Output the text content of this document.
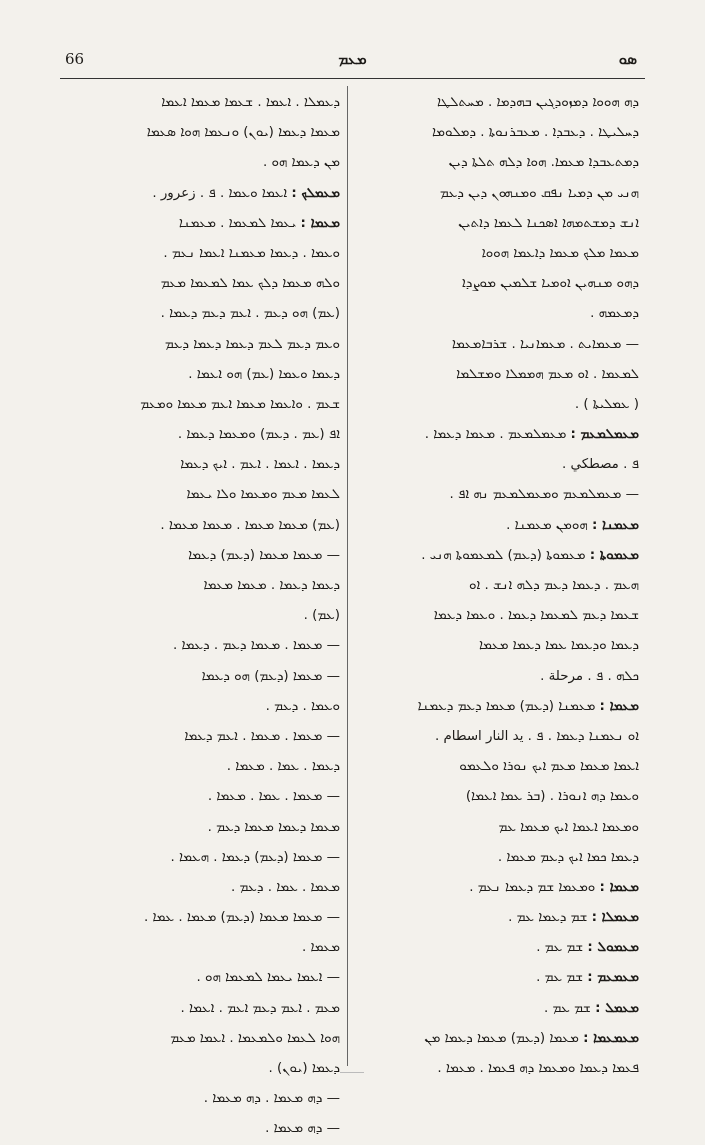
66	ܡܥܡ	ܣܘ
ܕܗ ܗܘܘܐ ܕܡܙܘܕܓܝܢ ܒܗܕܡܐ . ܡܚܬܠܛܐ
ܕܚܠܝܛܐ . ܕܥܒܕܐ . ܡܥܒܪܢܘܬܐ . ܕܡܠܘܡܐ
ܕܡܬܥܒܕܐ ܡܥܡܐ. ܗܘܐ ܕܠܗ ܬܠܬܐ ܕܝܢ
ܗܢܝ ܡܢ ܕܡܝܐ ܢܦܩ ܘܡܢܗܘܢ ܕܝܢ ܕܥܡ
ܐܢܫ ܕܡܫܬܡܗܐ ܐܣܟܢܐ ܠܥܡܐ ܕܐܬܝܢ
ܡܥܡܐ ܡܠܟ ܡܥܡܐ ܕܐܥܡܐ ܗܘܘܐ
ܕܗܘ ܡܢܗܝܢ ܐܘܡܝܐ ܫܠܡܝܢ ܡܘܨܕܐ
ܕܡܥܡܗ .
— ܡܥܡܐܝܬ . ܡܥܡܐܢܝܐ . ܫܪܒܐܡܥܡܐ
ܠܡܥܡܐ . ܐܘ ܡܥܡ ܗܡܡܠܐ ܘܡܫܠܡܐ
( ܥܡܠܝܬܐ ) .
ܡܥܡܠܡܥܡ : ܡܥܡܠܡܥܡ . ܡܥܡܐ ܕܥܡܐ .
ܦ . مصطكي .
— ܡܥܡܠܡܥܡ ܘܡܥܡܠܡܥܡ ܢܗ ܐܦ .
ܡܥܡܢܐ : ܗܘܡܢ ܡܥܡܢܐ .
ܡܥܡܘܬܐ : ܡܥܡܘܬܐ (ܕܥܡ) ܠܡܥܡܘܬܐ ܗܢܝ .
ܗܥܡ . ܕܥܡܐ ܕܥܡ ܕܠܗ ܐܢܫ . ܐܘ
ܫܥܡܐ ܕܥܡ ܠܡܥܡܐ ܕܥܡܐ . ܘܥܡܐ ܕܥܡܐ
ܕܥܡܐ ܘܕܥܡܐ ܥܡܐ ܕܥܡܐ ܡܥܡܐ
ܟܠܗ . ܦ . مرحلة .
ܡܥܡܐ : ܡܥܡܢܐ (ܕܥܡ) ܡܥܡܐ ܕܥܡ ܕܥܡܢܐ
ܐܘ ܢܥܡܢܐ ܕܥܡܐ . ܦ . يد النار اسطام .
ܐܥܡܐ ܡܥܡܐ ܡܥܡ ܐܝܟ ܢܘܪܐ ܘܠܥܡܘ
ܘܥܡܐ ܕܗ ܐܢܘܪܐ . (ܒܪ ܥܡܐ ܐܥܡܐ)
ܘܡܥܡܐ ܐܥܡܐ ܐܝܟ ܡܥܡܐ ܥܡ
ܕܥܡܐ ܟܡܐ ܐܝܟ ܕܥܡ ܡܥܡܐ .
ܡܥܡܐ : ܘܡܥܡܐ ܫܡ ܕܥܡܐ ܢܥܡ .
ܡܥܡܠܐ : ܫܡ ܕܥܡܐ ܥܡ .
ܡܥܡܘܠ : ܫܡ ܥܡ .
ܡܥܡܥܡ : ܫܡ ܥܡ .
ܡܥܡܠ : ܫܡ ܥܡ .
ܡܥܡܥܡܐ : ܡܥܡܐ (ܕܥܡ) ܡܥܡܐ ܕܥܡܐ ܡܢ
ܦܥܡܐ ܕܥܡܐ ܘܡܥܡܐ ܕܗ ܦܥܡܐ . ܡܥܡܐ .
ܕܥܡܠܐ . ܐܥܡܐ . ܫܥܡܐ ܡܥܡܐ ܐܥܡܐ
ܡܥܡܐ ܕܥܡܐ (ܝܘܢ) ܘܢܥܡܐ ܗܘܐ ܣܥܡܐ
ܡܢ ܕܥܡܐ ܗܘ .
ܡܥܡܠܟ : ܐܥܡܐ ܘܥܡܐ . ܦ . زعرور .
ܡܥܡܐ : ܝܥܡܐ ܠܡܥܡܐ . ܡܥܡܢܐ
ܘܥܡܐ . ܕܥܡܐ ܡܥܡܢܐ ܐܥܡܐ ܢܥܡ .
ܘܠܗ ܡܥܡܐ ܕܠܟ ܥܡܐ ܠܡܥܡܐ ܡܥܡ
(ܥܡ) ܗܘ ܕܥܡ . ܐܥܡ ܕܥܡ ܕܥܡܐ .
ܘܥܡ ܕܥܡ ܠܥܡ ܕܥܡܐ ܕܥܡܐ ܕܥܡ
ܕܥܡܐ ܘܥܡܐ (ܥܡ) ܗܘ ܐܥܡܐ .
ܫܥܡ . ܘܐܥܡܐ ܡܥܡܐ ܐܥܡ ܡܥܡܐ ܘܡܥܡ
ܐܦ (ܥܡ . ܕܥܡ) ܘܡܥܡܐ ܕܥܡܐ .
ܕܥܡܐ . ܐܥܡܐ . ܐܥܡ . ܐܝܟ ܕܥܡܐ
ܠܥܡܐ ܡܥܡ ܘܡܥܡܐ ܘܠܐ ܝܥܡܐ
(ܥܡ) ܡܥܡܐ ܡܥܡܐ . ܡܥܡܐ ܡܥܡܐ .
— ܡܥܡܐ ܡܥܡܐ (ܕܥܡ) ܕܥܡܐ
ܕܥܡܐ ܕܥܡܐ . ܡܥܡܐ ܡܥܡܐ
(ܥܡ) .
— ܡܥܡܐ . ܡܥܡܐ ܕܥܡ . ܕܥܡܐ .
— ܡܥܡܐ (ܕܥܡ) ܗܘ ܕܥܡܐ
ܘܥܡܐ . ܕܥܡ .
— ܡܥܡܐ . ܡܥܡܐ . ܐܥܡ ܕܥܡܐ
ܕܥܡܐ . ܥܡܐ . ܡܥܡܐ .
— ܡܥܡܐ . ܥܡܐ . ܡܥܡܐ .
ܡܥܡܐ ܕܥܡܐ ܡܥܡܐ ܕܥܡ .
— ܡܥܡܐ (ܕܥܡ) ܕܥܡܐ . ܗܥܡܐ .
ܡܥܡܐ . ܥܡܐ . ܕܥܡ .
— ܡܥܡܐ ܡܥܡܐ (ܕܥܡ) ܡܥܡܐ . ܥܡܐ .
ܡܥܡܐ .
— ܐܥܡܐ ܝܥܡܐ ܠܡܥܡܐ ܗܘ .
ܡܥܡ . ܐܥܡ ܕܥܡ ܐܥܡ . ܐܥܡܐ .
ܗܘܐ ܠܥܡܐ ܘܠܡܥܡܐ . ܐܥܡܐ ܡܥܡ
ܕܥܡܐ (ܝܘܢ) .
— ܕܗ ܡܥܡܐ . ܕܗ ܡܥܡܐ .
— ܕܗ ܡܥܡܐ .
